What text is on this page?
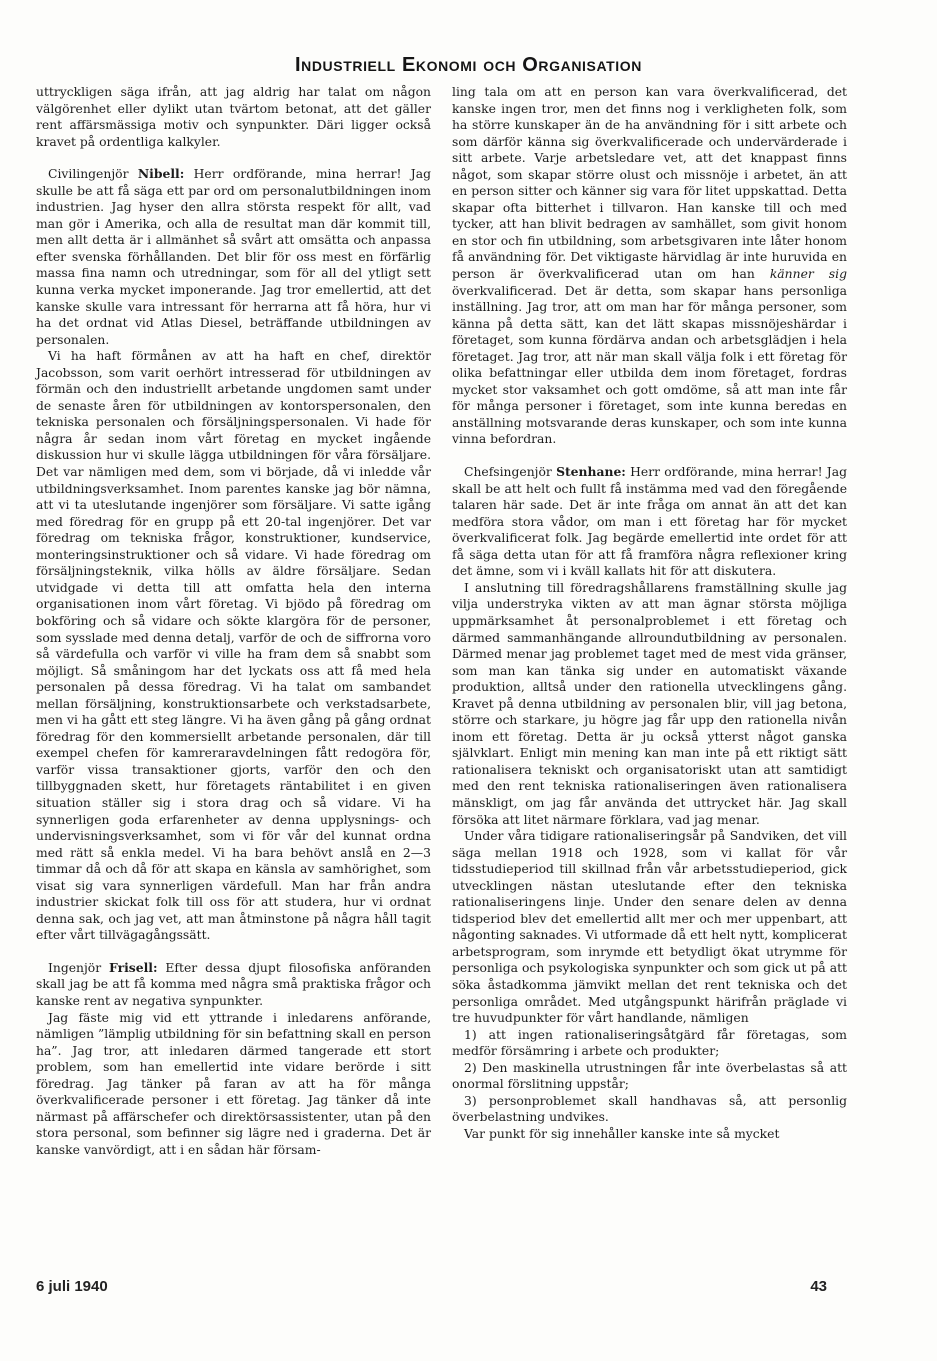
Industriell Ekonomi och Organisation

uttryckligen säga ifrån, att jag aldrig har talat om någon välgörenhet eller dylikt utan tvärtom betonat, att det gäller rent affärsmässiga motiv och synpunkter. Däri ligger också kravet på ordentliga kalkyler.

Civilingenjör Nibell: Herr ordförande, mina herrar! Jag skulle be att få säga ett par ord om personalutbildningen inom industrien. Jag hyser den allra största respekt för allt, vad man gör i Amerika, och alla de resultat man där kommit till, men allt detta är i allmänhet så svårt att omsätta och anpassa efter svenska förhållanden. Det blir för oss mest en förfärlig massa fina namn och utredningar, som för all del ytligt sett kunna verka mycket imponerande. Jag tror emellertid, att det kanske skulle vara intressant för herrarna att få höra, hur vi ha det ordnat vid Atlas Diesel, beträffande utbildningen av personalen.

Vi ha haft förmånen av att ha haft en chef, direktör Jacobsson, som varit oerhört intresserad för utbildningen av förmän och den industriellt arbetande ungdomen samt under de senaste åren för utbildningen av kontorspersonalen, den tekniska personalen och försäljningspersonalen. Vi hade för några år sedan inom vårt företag en mycket ingående diskussion hur vi skulle lägga utbildningen för våra försäljare. Det var nämligen med dem, som vi började, då vi inledde vår utbildningsverksamhet. Inom parentes kanske jag bör nämna, att vi ta uteslutande ingenjörer som försäljare. Vi satte igång med föredrag för en grupp på ett 20-tal ingenjörer. Det var föredrag om tekniska frågor, konstruktioner, kundservice, monteringsinstruktioner och så vidare. Vi hade föredrag om försäljningsteknik, vilka hölls av äldre försäljare. Sedan utvidgade vi detta till att omfatta hela den interna organisationen inom vårt företag. Vi bjödo på föredrag om bokföring och så vidare och sökte klargöra för de personer, som sysslade med denna detalj, varför de och de siffrorna voro så värdefulla och varför vi ville ha fram dem så snabbt som möjligt. Så småningom har det lyckats oss att få med hela personalen på dessa föredrag. Vi ha talat om sambandet mellan försäljning, konstruktionsarbete och verkstadsarbete, men vi ha gått ett steg längre. Vi ha även gång på gång ordnat föredrag för den kommersiellt arbetande personalen, där till exempel chefen för kamreraravdelningen fått redogöra för, varför vissa transaktioner gjorts, varför den och den tillbyggnaden skett, hur företagets räntabilitet i en given situation ställer sig i stora drag och så vidare. Vi ha synnerligen goda erfarenheter av denna upplysnings- och undervisningsverksamhet, som vi för vår del kunnat ordna med rätt så enkla medel. Vi ha bara behövt anslå en 2—3 timmar då och då för att skapa en känsla av samhörighet, som visat sig vara synnerligen värdefull. Man har från andra industrier skickat folk till oss för att studera, hur vi ordnat denna sak, och jag vet, att man åtminstone på några håll tagit efter vårt tillvägagångssätt.

Ingenjör Frisell: Efter dessa djupt filosofiska anföranden skall jag be att få komma med några små praktiska frågor och kanske rent av negativa synpunkter.

Jag fäste mig vid ett yttrande i inledarens anförande, nämligen ”lämplig utbildning för sin befattning skall en person ha”. Jag tror, att inledaren därmed tangerade ett stort problem, som han emellertid inte vidare berörde i sitt föredrag. Jag tänker på faran av att ha för många överkvalificerade personer i ett företag. Jag tänker då inte närmast på affärschefer och direktörsassistenter, utan på den stora personal, som befinner sig lägre ned i graderna. Det är kanske vanvördigt, att i en sådan här försam-

ling tala om att en person kan vara överkvalificerad, det kanske ingen tror, men det finns nog i verkligheten folk, som ha större kunskaper än de ha användning för i sitt arbete och som därför känna sig överkvalificerade och undervärderade i sitt arbete. Varje arbetsledare vet, att det knappast finns något, som skapar större olust och missnöje i arbetet, än att en person sitter och känner sig vara för litet uppskattad. Detta skapar ofta bitterhet i tillvaron. Han kanske till och med tycker, att han blivit bedragen av samhället, som givit honom en stor och fin utbildning, som arbetsgivaren inte låter honom få användning för. Det viktigaste härvidlag är inte huruvida en person är överkvalificerad utan om han känner sig överkvalificerad. Det är detta, som skapar hans personliga inställning. Jag tror, att om man har för många personer, som känna på detta sätt, kan det lätt skapas missnöjeshärdar i företaget, som kunna fördärva andan och arbetsglädjen i hela företaget. Jag tror, att när man skall välja folk i ett företag för olika befattningar eller utbilda dem inom företaget, fordras mycket stor vaksamhet och gott omdöme, så att man inte får för många personer i företaget, som inte kunna beredas en anställning motsvarande deras kunskaper, och som inte kunna vinna befordran.

Chefsingenjör Stenhane: Herr ordförande, mina herrar! Jag skall be att helt och fullt få instämma med vad den föregående talaren här sade. Det är inte fråga om annat än att det kan medföra stora vådor, om man i ett företag har för mycket överkvalificerat folk. Jag begärde emellertid inte ordet för att få säga detta utan för att få framföra några reflexioner kring det ämne, som vi i kväll kallats hit för att diskutera.

I anslutning till föredragshållarens framställning skulle jag vilja understryka vikten av att man ägnar största möjliga uppmärksamhet åt personalproblemet i ett företag och därmed sammanhängande allroundutbildning av personalen. Därmed menar jag problemet taget med de mest vida gränser, som man kan tänka sig under en automatiskt växande produktion, alltså under den rationella utvecklingens gång. Kravet på denna utbildning av personalen blir, vill jag betona, större och starkare, ju högre jag får upp den rationella nivån inom ett företag. Detta är ju också ytterst något ganska självklart. Enligt min mening kan man inte på ett riktigt sätt rationalisera tekniskt och organisatoriskt utan att samtidigt med den rent tekniska rationaliseringen även rationalisera mänskligt, om jag får använda det uttrycket här. Jag skall försöka att litet närmare förklara, vad jag menar.

Under våra tidigare rationaliseringsår på Sandviken, det vill säga mellan 1918 och 1928, som vi kallat för vår tidsstudieperiod till skillnad från vår arbetsstudieperiod, gick utvecklingen nästan uteslutande efter den tekniska rationaliseringens linje. Under den senare delen av denna tidsperiod blev det emellertid allt mer och mer uppenbart, att någonting saknades. Vi utformade då ett helt nytt, komplicerat arbetsprogram, som inrymde ett betydligt ökat utrymme för personliga och psykologiska synpunkter och som gick ut på att söka åstadkomma jämvikt mellan det rent tekniska och det personliga området. Med utgångspunkt härifrån präglade vi tre huvudpunkter för vårt handlande, nämligen

1) att ingen rationaliseringsåtgärd får företagas, som medför försämring i arbete och produkter;

2) Den maskinella utrustningen får inte överbelastas så att onormal förslitning uppstår;

3) personproblemet skall handhavas så, att personlig överbelastning undvikes.

Var punkt för sig innehåller kanske inte så mycket

6 juli 1940	43
